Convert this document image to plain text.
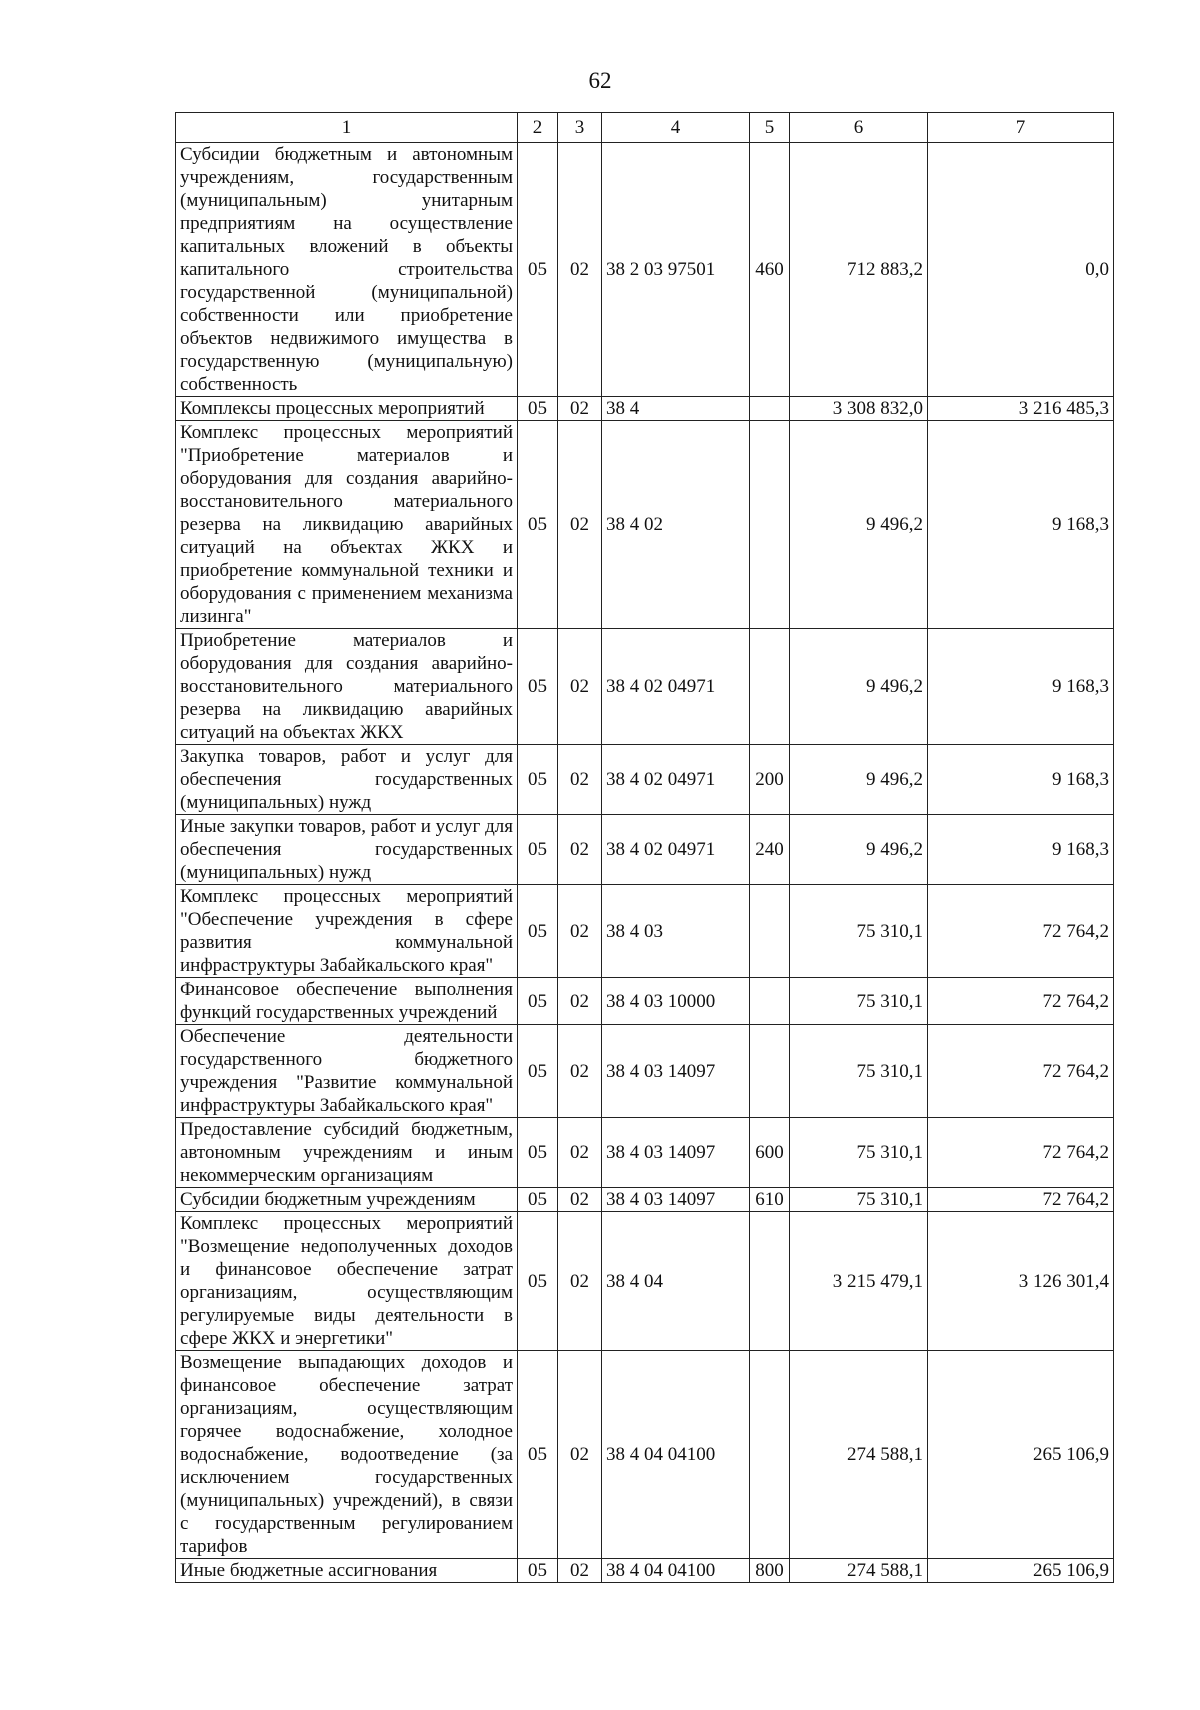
62
1	2	3	4	5	6	7
Субсидии бюджетным и автономным учреждениям, государственным (муниципальным) унитарным предприятиям на осуществление капитальных вложений в объекты капитального строительства государственной (муниципальной) собственности или приобретение объектов недвижимого имущества в государственную (муниципальную) собственность	05	02	38 2 03 97501	460	712 883,2	0,0
Комплексы процессных мероприятий	05	02	38 4		3 308 832,0	3 216 485,3
Комплекс процессных мероприятий "Приобретение материалов и оборудования для создания аварийно-восстановительного материального резерва на ликвидацию аварийных ситуаций на объектах ЖКХ и приобретение коммунальной техники и оборудования с применением механизма лизинга"	05	02	38 4 02		9 496,2	9 168,3
Приобретение материалов и оборудования для создания аварийно-восстановительного материального резерва на ликвидацию аварийных ситуаций на объектах ЖКХ	05	02	38 4 02 04971		9 496,2	9 168,3
Закупка товаров, работ и услуг для обеспечения государственных (муниципальных) нужд	05	02	38 4 02 04971	200	9 496,2	9 168,3
Иные закупки товаров, работ и услуг для обеспечения государственных (муниципальных) нужд	05	02	38 4 02 04971	240	9 496,2	9 168,3
Комплекс процессных мероприятий "Обеспечение учреждения в сфере развития коммунальной инфраструктуры Забайкальского края"	05	02	38 4 03		75 310,1	72 764,2
Финансовое обеспечение выполнения функций государственных учреждений	05	02	38 4 03 10000		75 310,1	72 764,2
Обеспечение деятельности государственного бюджетного учреждения "Развитие коммунальной инфраструктуры Забайкальского края"	05	02	38 4 03 14097		75 310,1	72 764,2
Предоставление субсидий бюджетным, автономным учреждениям и иным некоммерческим организациям	05	02	38 4 03 14097	600	75 310,1	72 764,2
Субсидии бюджетным учреждениям	05	02	38 4 03 14097	610	75 310,1	72 764,2
Комплекс процессных мероприятий "Возмещение недополученных доходов и финансовое обеспечение затрат организациям, осуществляющим регулируемые виды деятельности в сфере ЖКХ и энергетики"	05	02	38 4 04		3 215 479,1	3 126 301,4
Возмещение выпадающих доходов и финансовое обеспечение затрат организациям, осуществляющим горячее водоснабжение, холодное водоснабжение, водоотведение (за исключением государственных (муниципальных) учреждений), в связи с государственным регулированием тарифов	05	02	38 4 04 04100		274 588,1	265 106,9
Иные бюджетные ассигнования	05	02	38 4 04 04100	800	274 588,1	265 106,9
